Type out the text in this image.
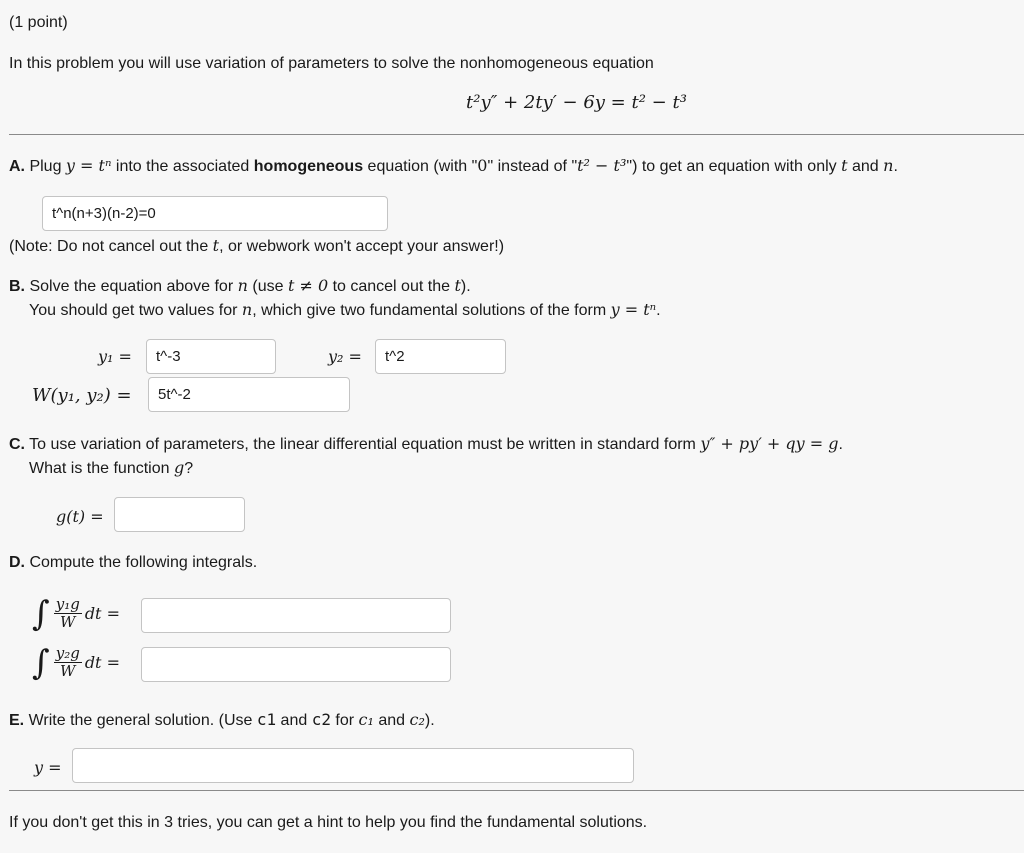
(1 point)
In this problem you will use variation of parameters to solve the nonhomogeneous equation
t²y″ + 2ty′ − 6y = t² − t³
A. Plug y = tⁿ into the associated homogeneous equation (with "0" instead of "t² − t³") to get an equation with only t and n.
t^n(n+3)(n-2)=0
(Note: Do not cancel out the t, or webwork won't accept your answer!)
B. Solve the equation above for n (use t ≠ 0 to cancel out the t).
You should get two values for n, which give two fundamental solutions of the form y = tⁿ.
y₁ =
t^-3	y₂ =
t^2
W(y₁, y₂) =
5t^-2
C. To use variation of parameters, the linear differential equation must be written in standard form y″ + py′ + qy = g.
What is the function g?
g(t) =
D. Compute the following integrals.
∫ $\frac{\text{y₁g}}{W}$ dt =
∫ $\frac{\text{y₂g}}{W}$ dt =
E. Write the general solution. (Use c1 and c2 for c₁ and c₂).
y =
If you don't get this in 3 tries, you can get a hint to help you find the fundamental solutions.
